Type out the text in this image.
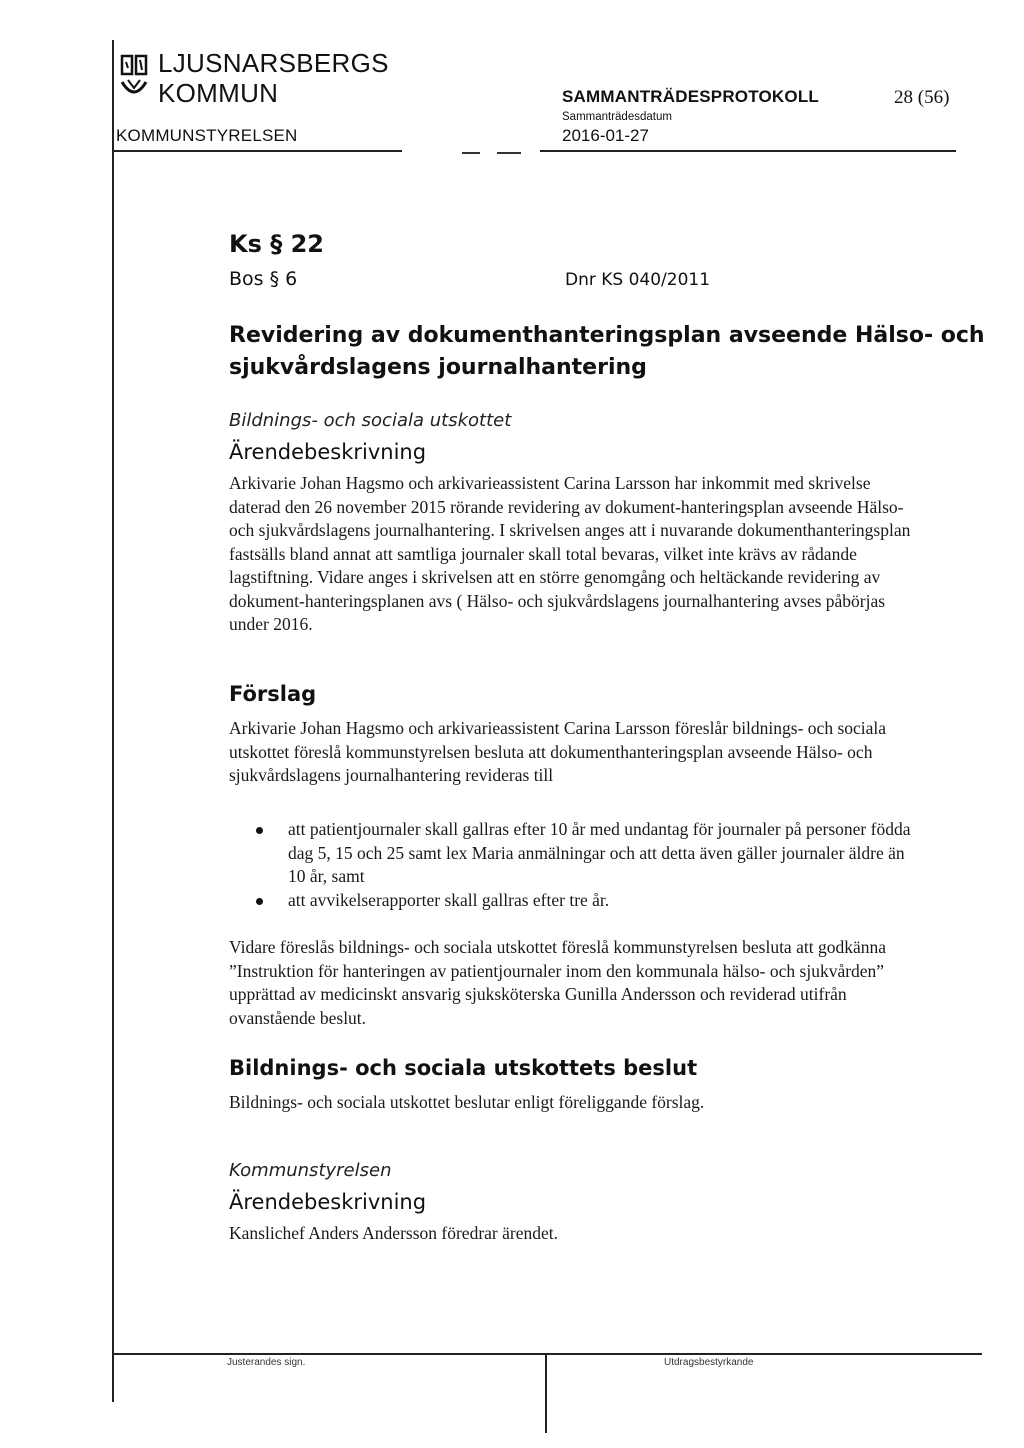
LJUSNARSBERGS
KOMMUN
KOMMUNSTYRELSEN
SAMMANTRÄDESPROTOKOLL
Sammanträdesdatum
2016-01-27
28 (56)
Ks § 22
Bos § 6	Dnr KS 040/2011
Revidering av dokumenthanteringsplan avseende Hälso- och sjukvårdslagens journalhantering
Bildnings- och sociala utskottet
Ärendebeskrivning
Arkivarie Johan Hagsmo och arkivarieassistent Carina Larsson har inkommit med skrivelse daterad den 26 november 2015 rörande revidering av dokument-hanteringsplan avseende Hälso- och sjukvårdslagens journalhantering. I skrivelsen anges att i nuvarande dokumenthanteringsplan fastsälls bland annat att samtliga journaler skall total bevaras, vilket inte krävs av rådande lagstiftning. Vidare anges i skrivelsen att en större genomgång och heltäckande revidering av dokument-hanteringsplanen avs ( Hälso- och sjukvårdslagens journalhantering avses påbörjas under 2016.
Förslag
Arkivarie Johan Hagsmo och arkivarieassistent Carina Larsson föreslår bildnings- och sociala utskottet föreslå kommunstyrelsen besluta att dokumenthanteringsplan avseende Hälso- och sjukvårdslagens journalhantering revideras till
att patientjournaler skall gallras efter 10 år med undantag för journaler på personer födda dag 5, 15 och 25 samt lex Maria anmälningar och att detta även gäller journaler äldre än 10 år, samt
att avvikelserapporter skall gallras efter tre år.
Vidare föreslås bildnings- och sociala utskottet föreslå kommunstyrelsen besluta att godkänna ”Instruktion för hanteringen av patientjournaler inom den kommunala hälso- och sjukvården” upprättad av medicinskt ansvarig sjuksköterska Gunilla Andersson och reviderad utifrån ovanstående beslut.
Bildnings- och sociala utskottets beslut
Bildnings- och sociala utskottet beslutar enligt föreliggande förslag.
Kommunstyrelsen
Ärendebeskrivning
Kanslichef Anders Andersson föredrar ärendet.
Justerandes sign.	Utdragsbestyrkande
